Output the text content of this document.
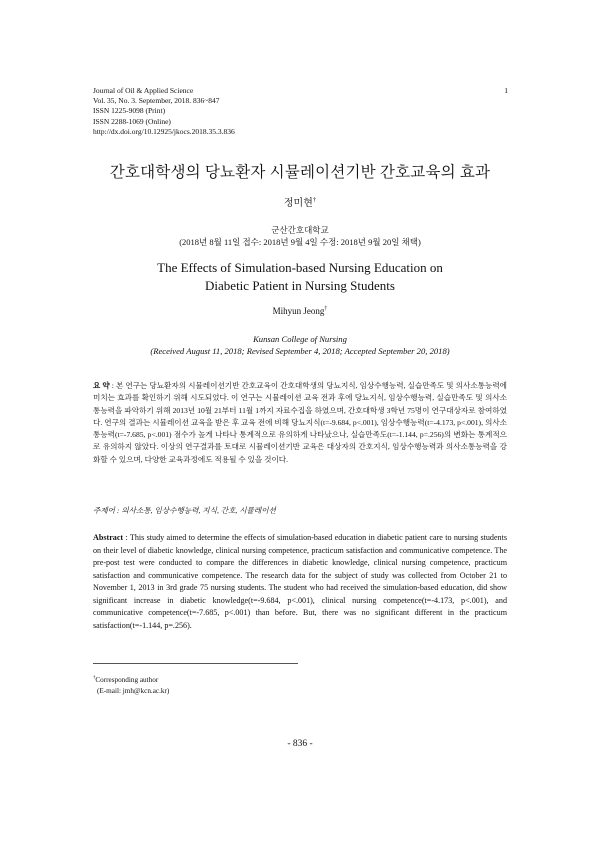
Journal of Oil & Applied Science
Vol. 35, No. 3. September, 2018. 836~847
ISSN 1225-9098 (Print)
ISSN 2288-1069 (Online)
http://dx.doi.org/10.12925/jkocs.2018.35.3.836
1
간호대학생의 당뇨환자 시뮬레이션기반 간호교육의 효과
정미현†
군산간호대학교
(2018년 8월 11일 접수: 2018년 9월 4일 수정: 2018년 9월 20일 채택)
The Effects of Simulation-based Nursing Education on
Diabetic Patient in Nursing Students
Mihyun Jeong†
Kunsan College of Nursing
(Received August 11, 2018; Revised September 4, 2018; Accepted September 20, 2018)
요 약 : 본 연구는 당뇨환자의 시뮬레이션기반 간호교육이 간호대학생의 당뇨지식, 임상수행능력, 실습만족도 및 의사소통능력에 미치는 효과를 확인하기 위해 시도되었다. 이 연구는 시뮬레이션 교육 전과 후에 당뇨지식, 임상수행능력, 실습만족도 및 의사소통능력을 파악하기 위해 2013년 10월 21부터 11월 1까지 자료수집을 하였으며, 간호대학생 3학년 75명이 연구대상자로 참여하였다. 연구의 결과는 시뮬레이션 교육을 받은 후 교육 전에 비해 당뇨지식(t=-9.684, p<.001), 임상수행능력(t=-4.173, p<.001), 의사소통능력(t=-7.685, p<.001) 점수가 높게 나타나 통계적으로 유의하게 나타났으나, 실습만족도(t=-1.144, p=.256)의 변화는 통계적으로 유의하지 않았다. 이상의 연구결과를 토대로 시뮬레이션기반 교육은 대상자의 간호지식, 임상수행능력과 의사소통능력을 강화할 수 있으며, 다양한 교육과정에도 적용될 수 있을 것이다.
주제어 : 의사소통, 임상수행능력, 지식, 간호, 시뮬레이션
Abstract : This study aimed to determine the effects of simulation-based education in diabetic patient care to nursing students on their level of diabetic knowledge, clinical nursing competence, practicum satisfaction and communicative competence. The pre-post test were conducted to compare the differences in diabetic knowledge, clinical nursing competence, practicum satisfaction and communicative competence. The research data for the subject of study was collected from October 21 to November 1, 2013 in 3rd grade 75 nursing students. The student who had received the simulation-based education, did show significant increase in diabetic knowledge(t=-9.684, p<.001), clinical nursing competence(t=-4.173, p<.001), and communicative competence(t=-7.685, p<.001) than before. But, there was no significant different in the practicum satisfaction(t=-1.144, p=.256).
†Corresponding author
(E-mail: jmh@kcn.ac.kr)
- 836 -
